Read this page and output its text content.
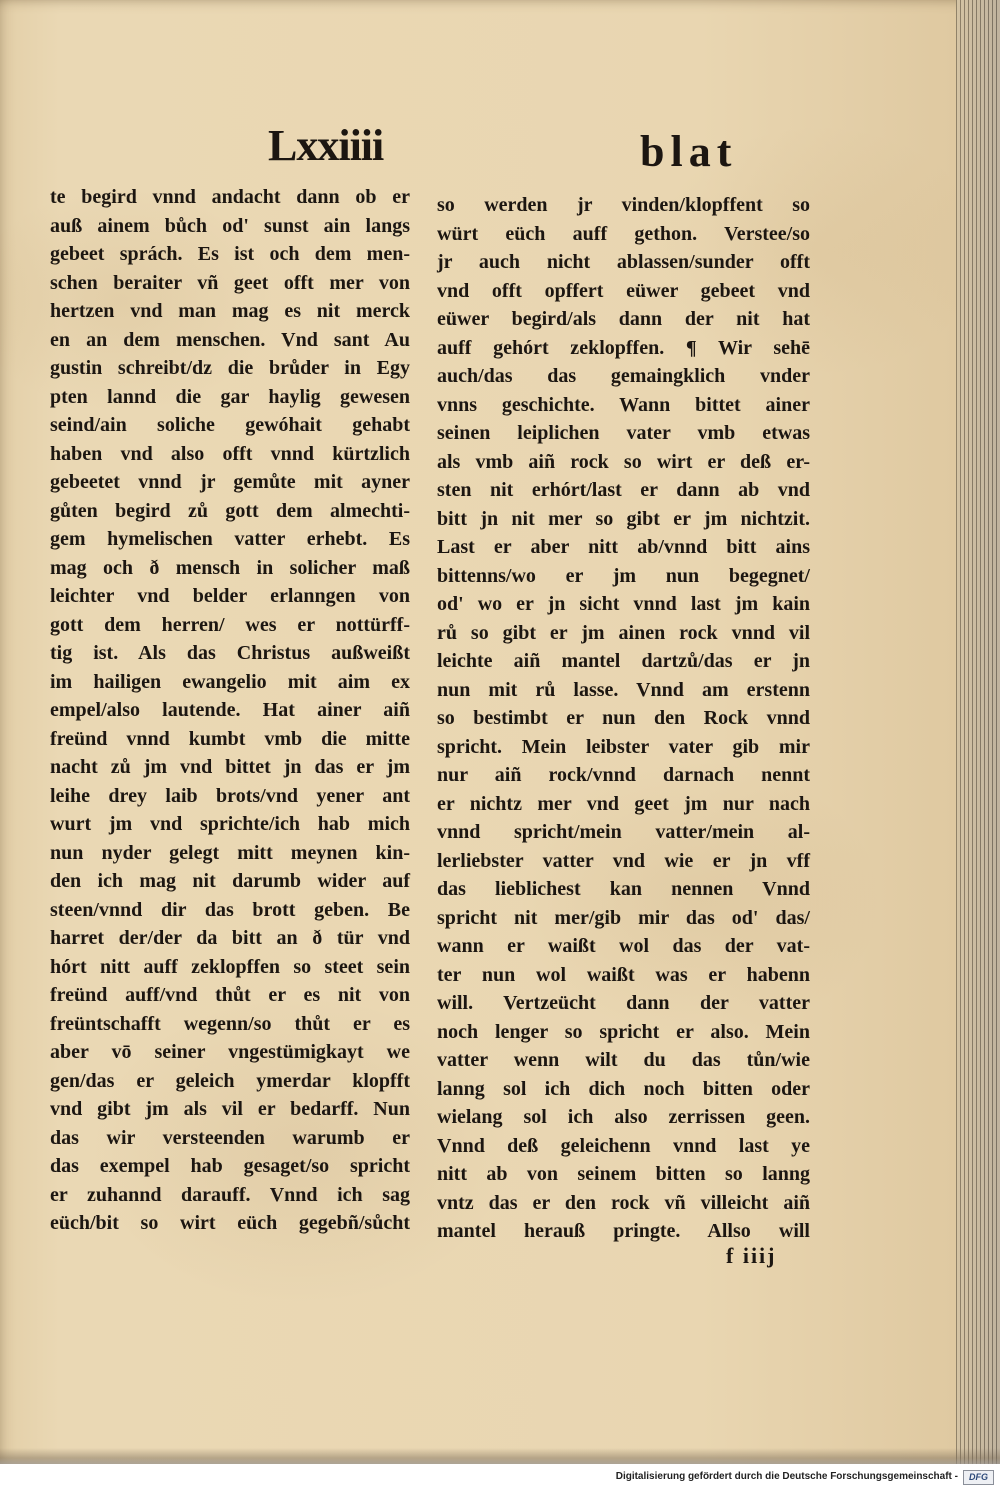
Lxxiiii	blat
te begird vnnd andacht dann ob er
auß ainem bůch od' sunst ain langs
gebeet sprách. Es ist och dem men-
schen beraiter vñ geet offt mer von
hertzen vnd man mag es nit merck
en an dem menschen. Vnd sant Au
gustin schreibt/dz die brůder in Egy
pten lannd die gar haylig gewesen
seind/ain soliche gewóhait gehabt
haben vnd also offt vnnd kürtzlich
gebeetet vnnd jr gemůte mit ayner
gůten begird zů gott dem almechti-
gem hymelischen vatter erhebt. Es
mag och ð mensch in solicher maß
leichter vnd belder erlanngen von
gott dem herren/ wes er nottürff-
tig ist. Als das Christus außweißt
im hailigen ewangelio mit aim ex
empel/also lautende. Hat ainer aiñ
freünd vnnd kumbt vmb die mitte
nacht zů jm vnd bittet jn das er jm
leihe drey laib brots/vnd yener ant
wurt jm vnd sprichte/ich hab mich
nun nyder gelegt mitt meynen kin-
den ich mag nit darumb wider auf
steen/vnnd dir das brott geben. Be
harret der/der da bitt an ð tür vnd
hórt nitt auff zeklopffen so steet sein
freünd auff/vnd thůt er es nit von
freüntschafft wegenn/so thůt er es
aber vō seiner vngestümigkayt we
gen/das er geleich ymerdar klopfft
vnd gibt jm als vil er bedarff. Nun
das wir versteenden warumb er
das exempel hab gesaget/so spricht
er zuhannd darauff. Vnnd ich sag
eüch/bit so wirt eüch gegebñ/sůcht
so werden jr vinden/klopffent so
würt eüch auff gethon. Verstee/so
jr auch nicht ablassen/sunder offt
vnd offt opffert eüwer gebeet vnd
eüwer begird/als dann der nit hat
auff gehórt zeklopffen. ¶ Wir sehē
auch/das das gemaingklich vnder
vnns geschichte. Wann bittet ainer
seinen leiplichen vater vmb etwas
als vmb aiñ rock so wirt er deß er-
sten nit erhórt/last er dann ab vnd
bitt jn nit mer so gibt er jm nichtzit.
Last er aber nitt ab/vnnd bitt ains
bittenns/wo er jm nun begegnet/
od' wo er jn sicht vnnd last jm kain
rů so gibt er jm ainen rock vnnd vil
leichte aiñ mantel dartzů/das er jn
nun mit rů lasse. Vnnd am erstenn
so bestimbt er nun den Rock vnnd
spricht. Mein leibster vater gib mir
nur aiñ rock/vnnd darnach nennt
er nichtz mer vnd geet jm nur nach
vnnd spricht/mein vatter/mein al-
lerliebster vatter vnd wie er jn vff
das lieblichest kan nennen Vnnd
spricht nit mer/gib mir das od' das/
wann er waißt wol das der vat-
ter nun wol waißt was er habenn
will. Vertzeücht dann der vatter
noch lenger so spricht er also. Mein
vatter wenn wilt du das tůn/wie
lanng sol ich dich noch bitten oder
wielang sol ich also zerrissen geen.
Vnnd deß geleichenn vnnd last ye
nitt ab von seinem bitten so lanng
vntz das er den rock vñ villeicht aiñ
mantel herauß pringte. Allso will
f iiij
Digitalisierung gefördert durch die Deutsche Forschungsgemeinschaft -	DFG
